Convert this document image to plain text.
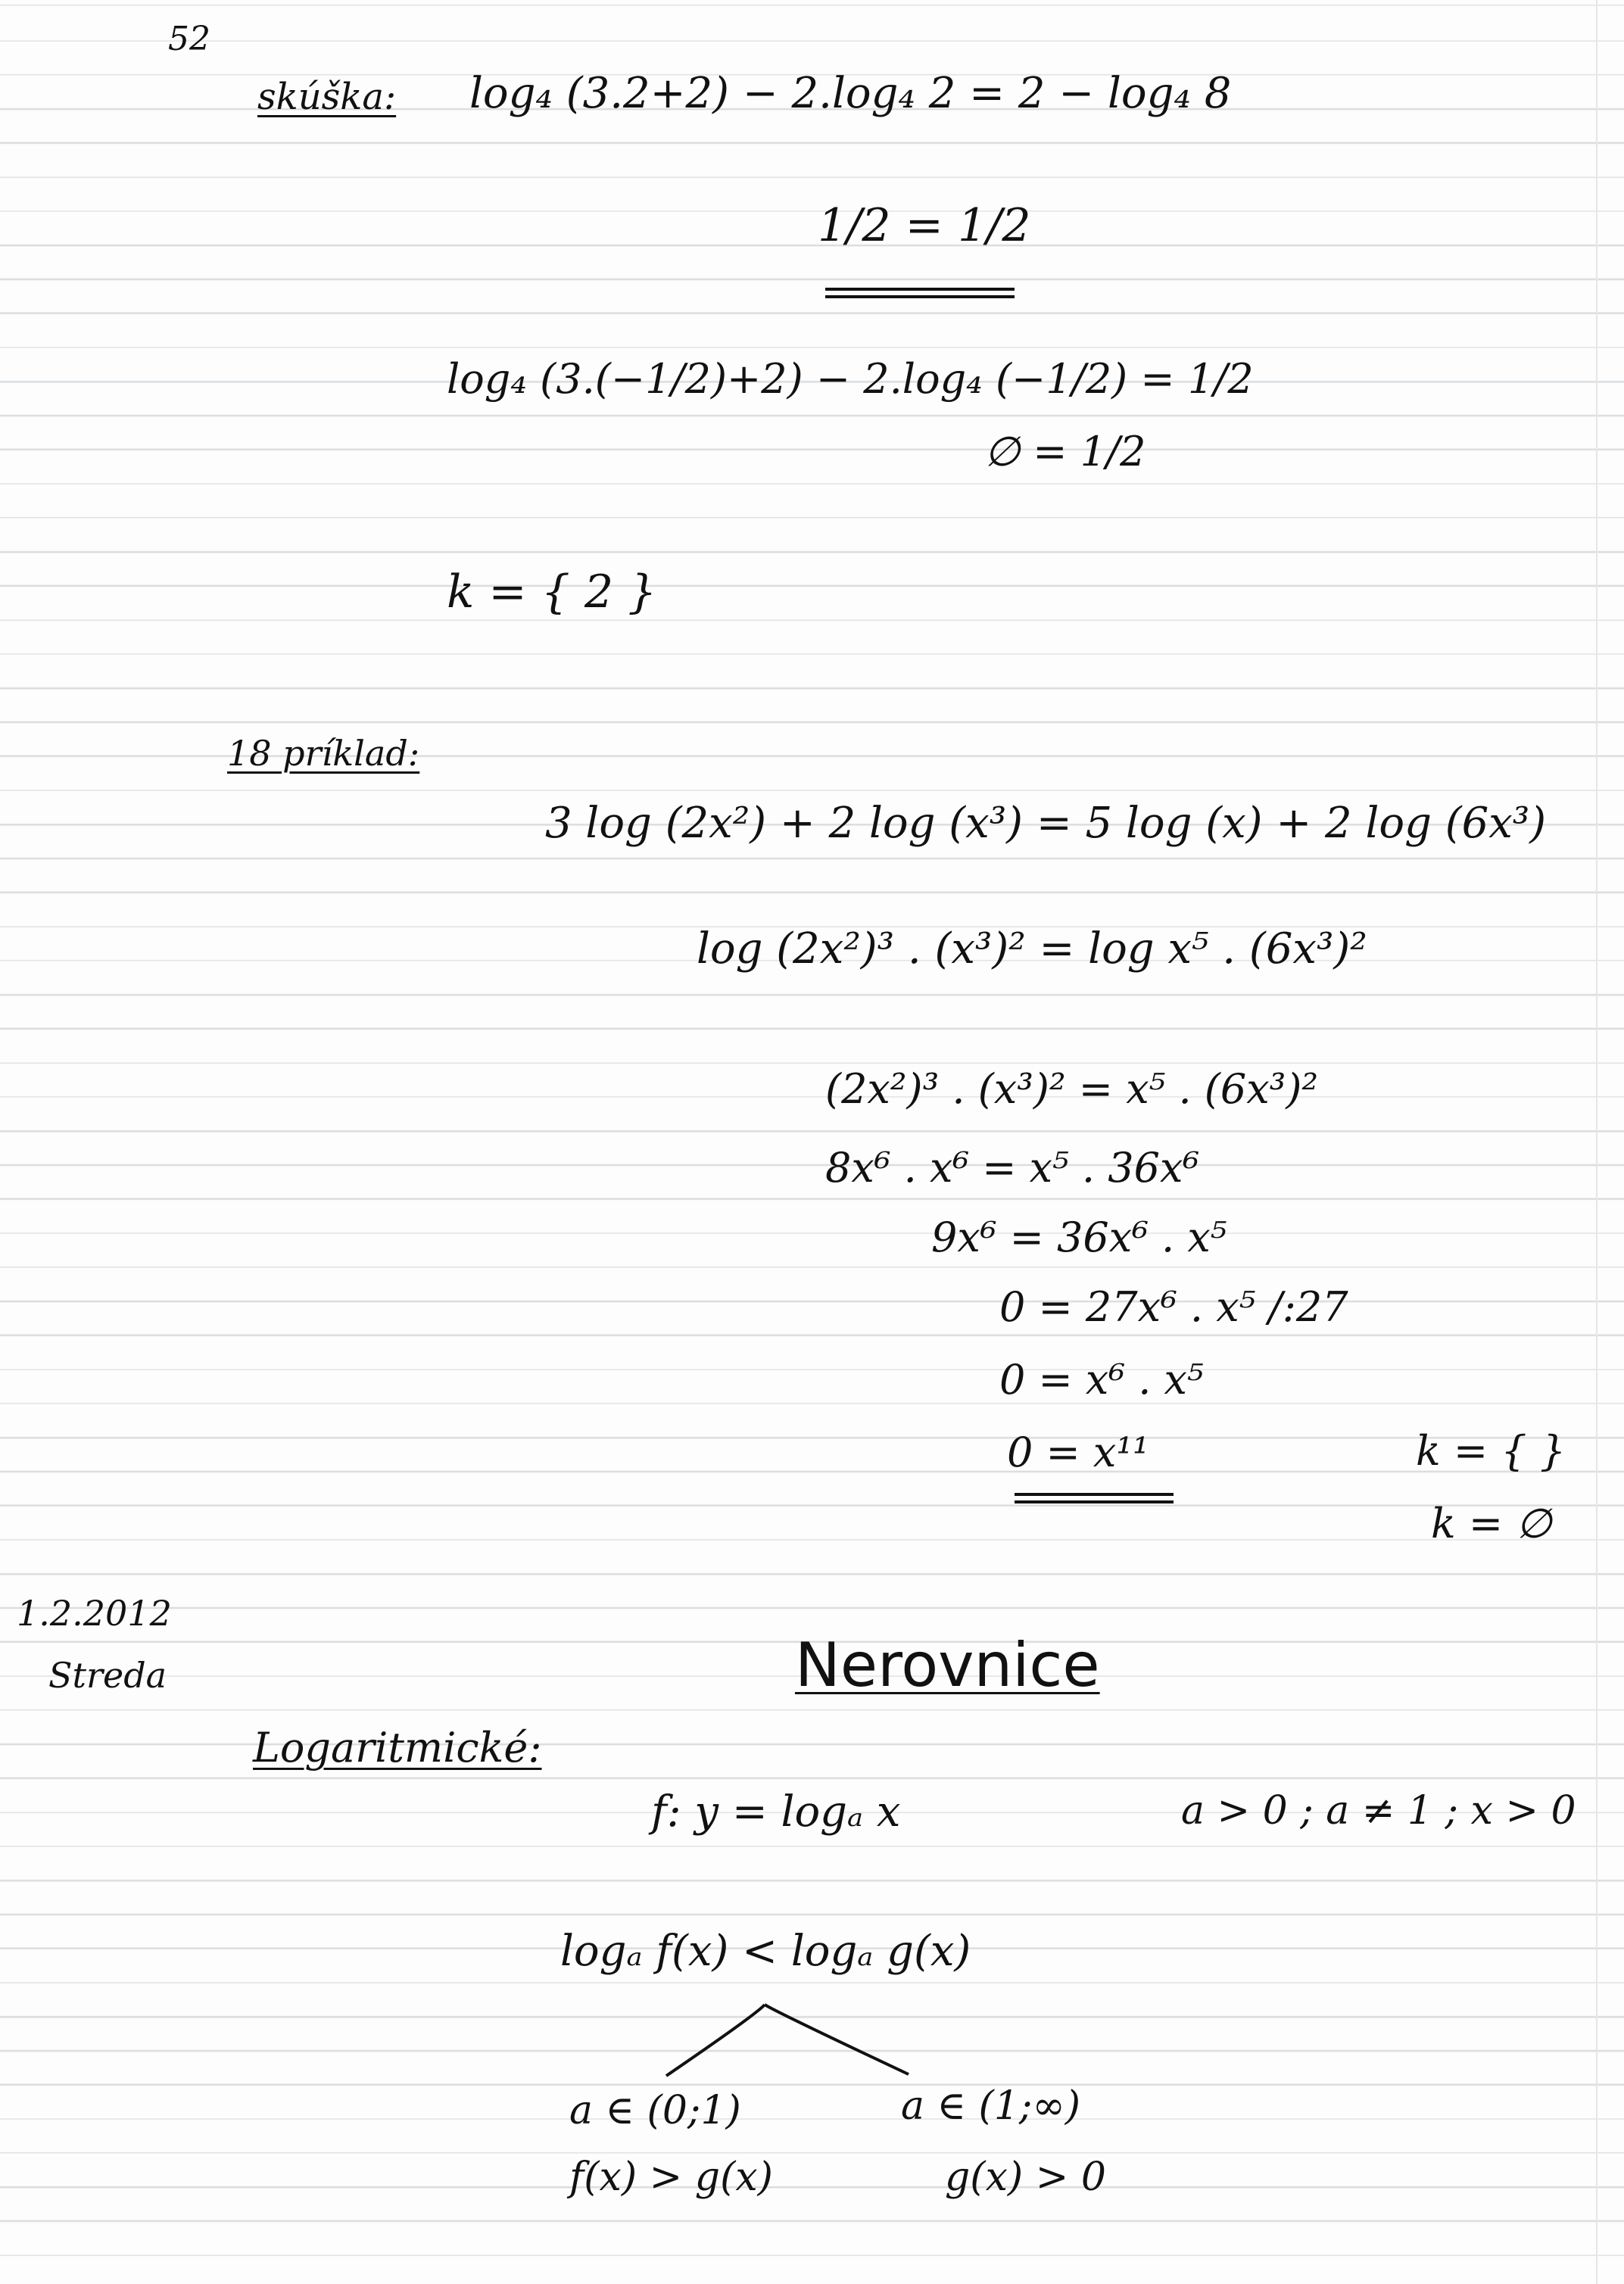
52
skúška: log₄ (3.2+2) − 2.log₄ 2 = 2 − log₄ 8
1/2 = 1/2
log₄ (3.(−1/2)+2) − 2.log₄ (−1/2) = 1/2
∅ = 1/2
k = { 2 }
18 príklad:
3 log (2x²) + 2 log (x³) = 5 log (x) + 2 log (6x³)
log (2x²)³ . (x³)² = log x⁵ . (6x³)²
(2x²)³ . (x³)² = x⁵ . (6x³)²
8x⁶ . x⁶ = x⁵ . 36x⁶
9x⁶ = 36x⁶ . x⁵
0 = 27x⁶ . x⁵ /:27
0 = x⁶ . x⁵
0 = x¹¹	k = { }
k = ∅
1.2.2012
Streda	Nerovnice
Logaritmické:
f: y = logₐ x	a > 0 ; a ≠ 1 ; x > 0
logₐ f(x) < logₐ g(x)
a ∈ (0;1)
f(x) > g(x)
a ∈ (1;∞)
g(x) > 0
